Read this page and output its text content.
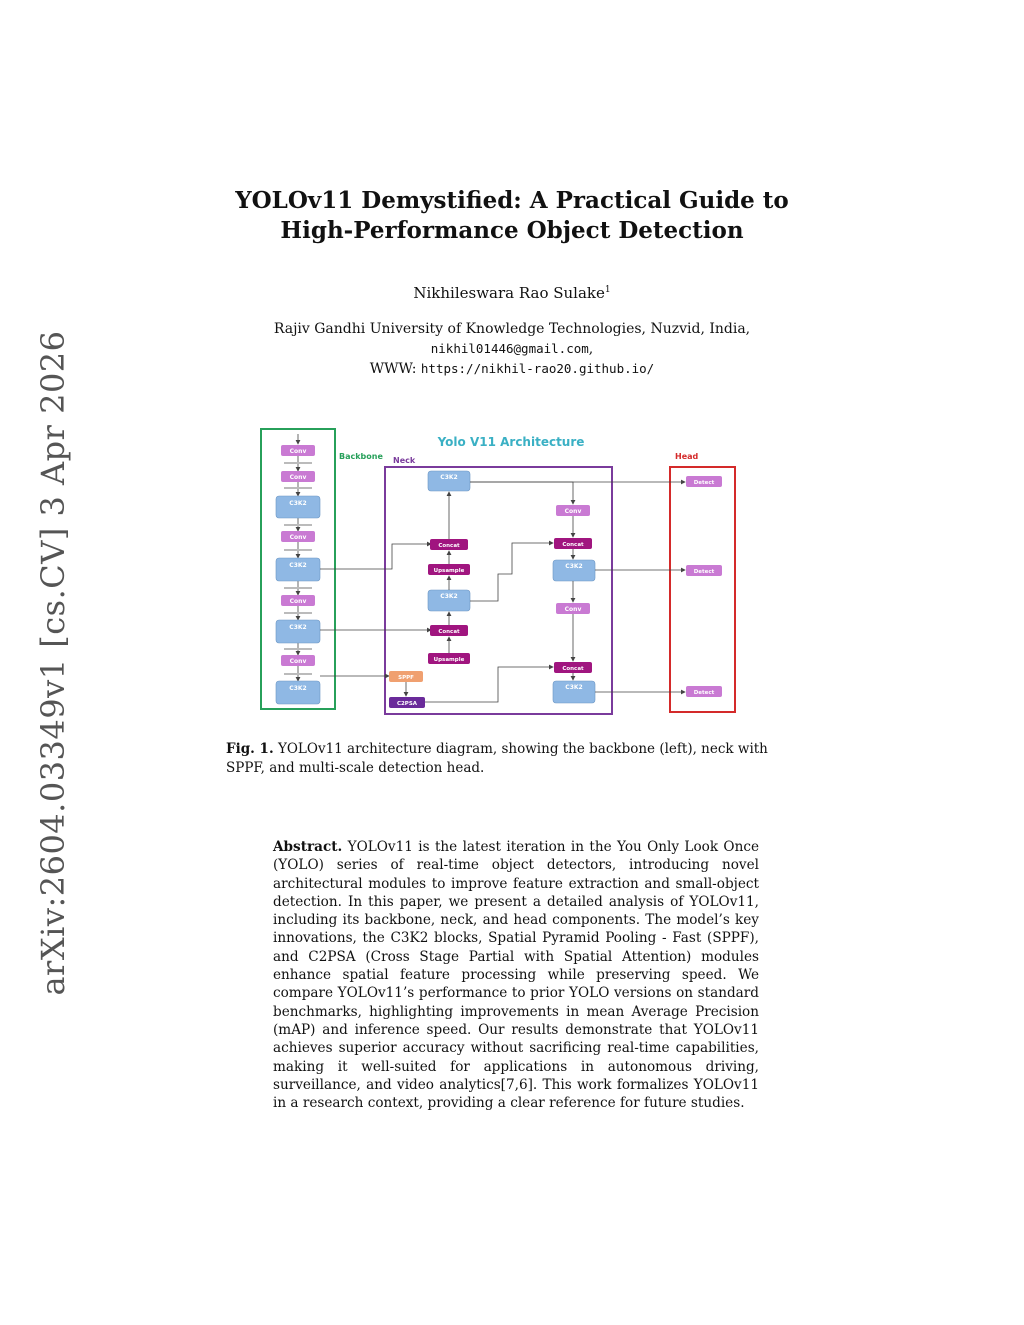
arXiv:2604.03349v1 [cs.CV] 3 Apr 2026
YOLOv11 Demystified: A Practical Guide to
High-Performance Object Detection
Nikhileswara Rao Sulake$^1$
Rajiv Gandhi University of Knowledge Technologies, Nuzvid, India,
nikhil01446@gmail.com,
WWW: https://nikhil-rao20.github.io/
Yolo V11 Architecture
Backbone Neck	Head
Conv
Conv
C3K2
Conv
C3K2
Conv
C3K2
Conv
C3K2
C3K2
Concat
Upsample
C3K2
Concat
Upsample
SPPF
C2PSA
Conv
Concat
C3K2
Conv
Concat
C3K2
Detect
Detect
Detect
Fig. 1. YOLOv11 architecture diagram, showing the backbone (left), neck with SPPF, and multi-scale detection head.
Abstract. YOLOv11 is the latest iteration in the You Only Look Once (YOLO) series of real-time object detectors, introducing novel architectural modules to improve feature extraction and small-object detection. In this paper, we present a detailed analysis of YOLOv11, including its backbone, neck, and head components. The model’s key innovations, the C3K2 blocks, Spatial Pyramid Pooling - Fast (SPPF), and C2PSA (Cross Stage Partial with Spatial Attention) modules enhance spatial feature processing while preserving speed. We compare YOLOv11’s performance to prior YOLO versions on standard benchmarks, highlighting improvements in mean Average Precision (mAP) and inference speed. Our results demonstrate that YOLOv11 achieves superior accuracy without sacrificing real-time capabilities, making it well-suited for applications in autonomous driving, surveillance, and video analytics[7,6]. This work formalizes YOLOv11 in a research context, providing a clear reference for future studies.
